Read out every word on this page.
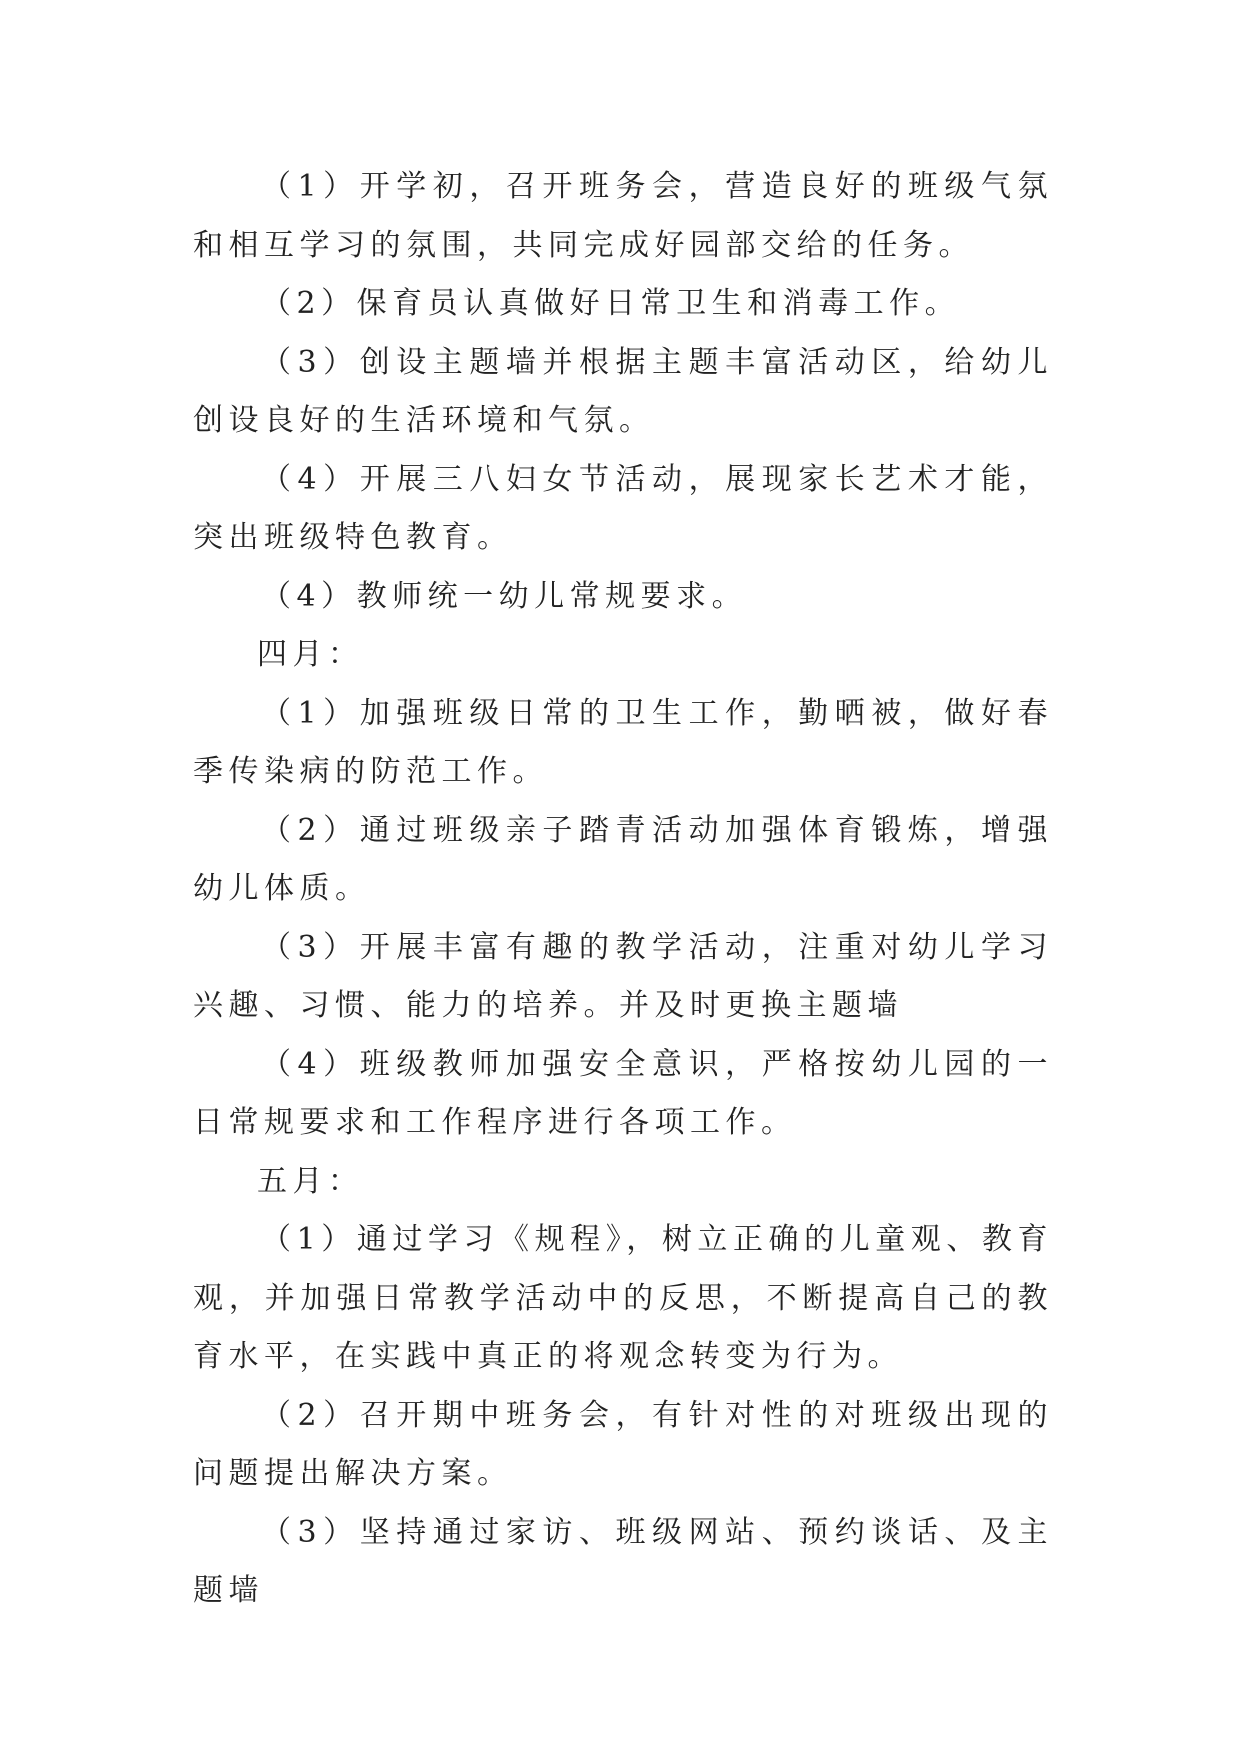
（1）开学初，召开班务会，营造良好的班级气氛和相互学习的氛围，共同完成好园部交给的任务。

（2）保育员认真做好日常卫生和消毒工作。

（3）创设主题墙并根据主题丰富活动区，给幼儿创设良好的生活环境和气氛。

（4）开展三八妇女节活动，展现家长艺术才能，突出班级特色教育。

（4）教师统一幼儿常规要求。

四月：

（1）加强班级日常的卫生工作，勤晒被，做好春季传染病的防范工作。

（2）通过班级亲子踏青活动加强体育锻炼，增强幼儿体质。

（3）开展丰富有趣的教学活动，注重对幼儿学习兴趣、习惯、能力的培养。并及时更换主题墙

（4）班级教师加强安全意识，严格按幼儿园的一日常规要求和工作程序进行各项工作。

五月：

（1）通过学习《规程》，树立正确的儿童观、教育观，并加强日常教学活动中的反思，不断提高自己的教育水平，在实践中真正的将观念转变为行为。

（2）召开期中班务会，有针对性的对班级出现的问题提出解决方案。

（3）坚持通过家访、班级网站、预约谈话、及主题墙
